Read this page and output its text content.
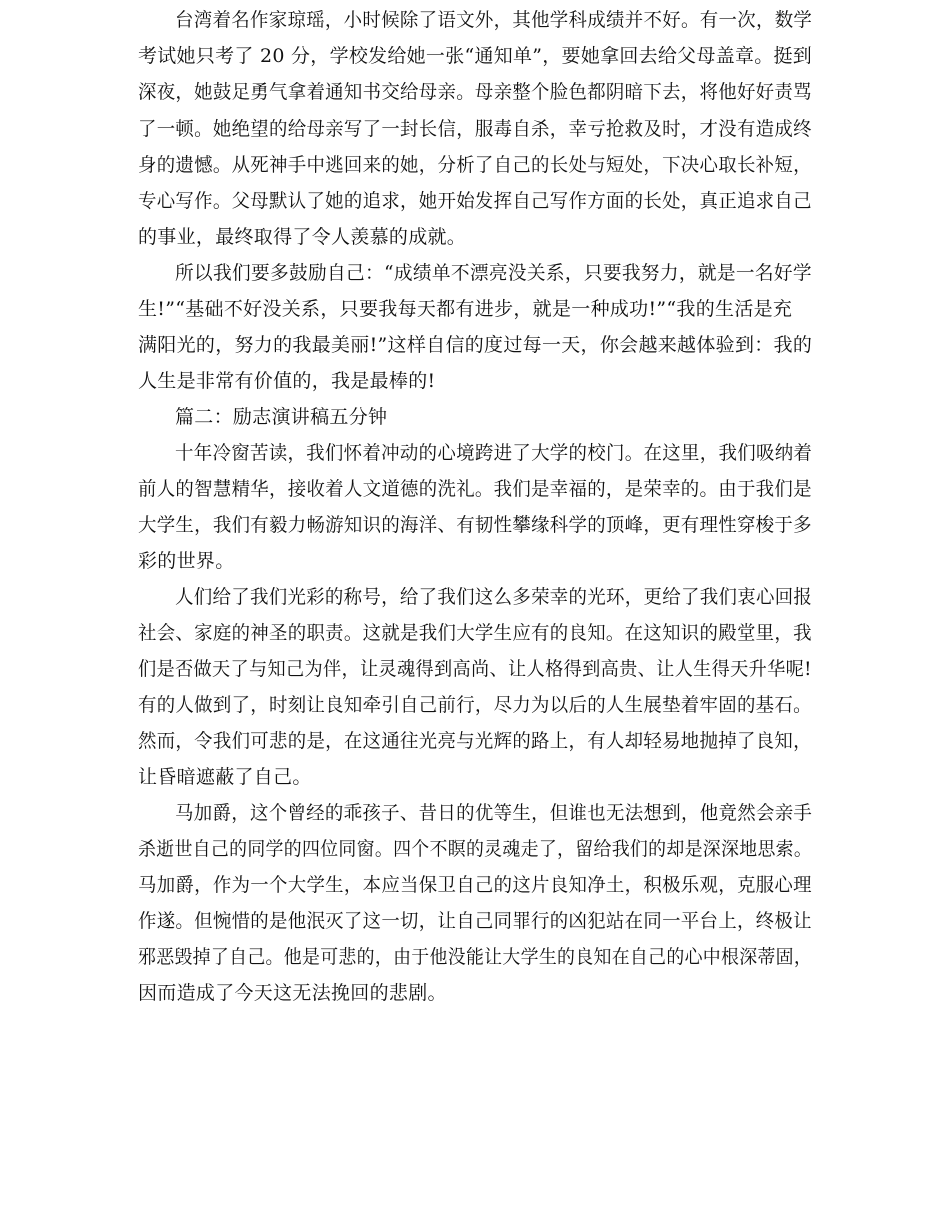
台湾着名作家琼瑶，小时候除了语文外，其他学科成绩并不好。有一次，数学
考试她只考了 20 分，学校发给她一张“通知单”，要她拿回去给父母盖章。挺到
深夜，她鼓足勇气拿着通知书交给母亲。母亲整个脸色都阴暗下去，将他好好责骂
了一顿。她绝望的给母亲写了一封长信，服毒自杀，幸亏抢救及时，才没有造成终
身的遗憾。从死神手中逃回来的她，分析了自己的长处与短处，下决心取长补短，
专心写作。父母默认了她的追求，她开始发挥自己写作方面的长处，真正追求自己
的事业，最终取得了令人羡慕的成就。
所以我们要多鼓励自己：“成绩单不漂亮没关系，只要我努力，就是一名好学
生!”“基础不好没关系，只要我每天都有进步，就是一种成功!”“我的生活是充
满阳光的，努力的我最美丽!”这样自信的度过每一天，你会越来越体验到：我的
人生是非常有价值的，我是最棒的!
篇二：励志演讲稿五分钟
十年冷窗苦读，我们怀着冲动的心境跨进了大学的校门。在这里，我们吸纳着
前人的智慧精华，接收着人文道德的洗礼。我们是幸福的，是荣幸的。由于我们是
大学生，我们有毅力畅游知识的海洋、有韧性攀缘科学的顶峰，更有理性穿梭于多
彩的世界。
人们给了我们光彩的称号，给了我们这么多荣幸的光环，更给了我们衷心回报
社会、家庭的神圣的职责。这就是我们大学生应有的良知。在这知识的殿堂里，我
们是否做天了与知己为伴，让灵魂得到高尚、让人格得到高贵、让人生得天升华呢!
有的人做到了，时刻让良知牵引自己前行，尽力为以后的人生展垫着牢固的基石。
然而，令我们可悲的是，在这通往光亮与光辉的路上，有人却轻易地抛掉了良知，
让昏暗遮蔽了自己。
马加爵，这个曾经的乖孩子、昔日的优等生，但谁也无法想到，他竟然会亲手
杀逝世自己的同学的四位同窗。四个不瞑的灵魂走了，留给我们的却是深深地思索。
马加爵，作为一个大学生，本应当保卫自己的这片良知净土，积极乐观，克服心理
作遂。但惋惜的是他泯灭了这一切，让自己同罪行的凶犯站在同一平台上，终极让
邪恶毁掉了自己。他是可悲的，由于他没能让大学生的良知在自己的心中根深蒂固，
因而造成了今天这无法挽回的悲剧。
